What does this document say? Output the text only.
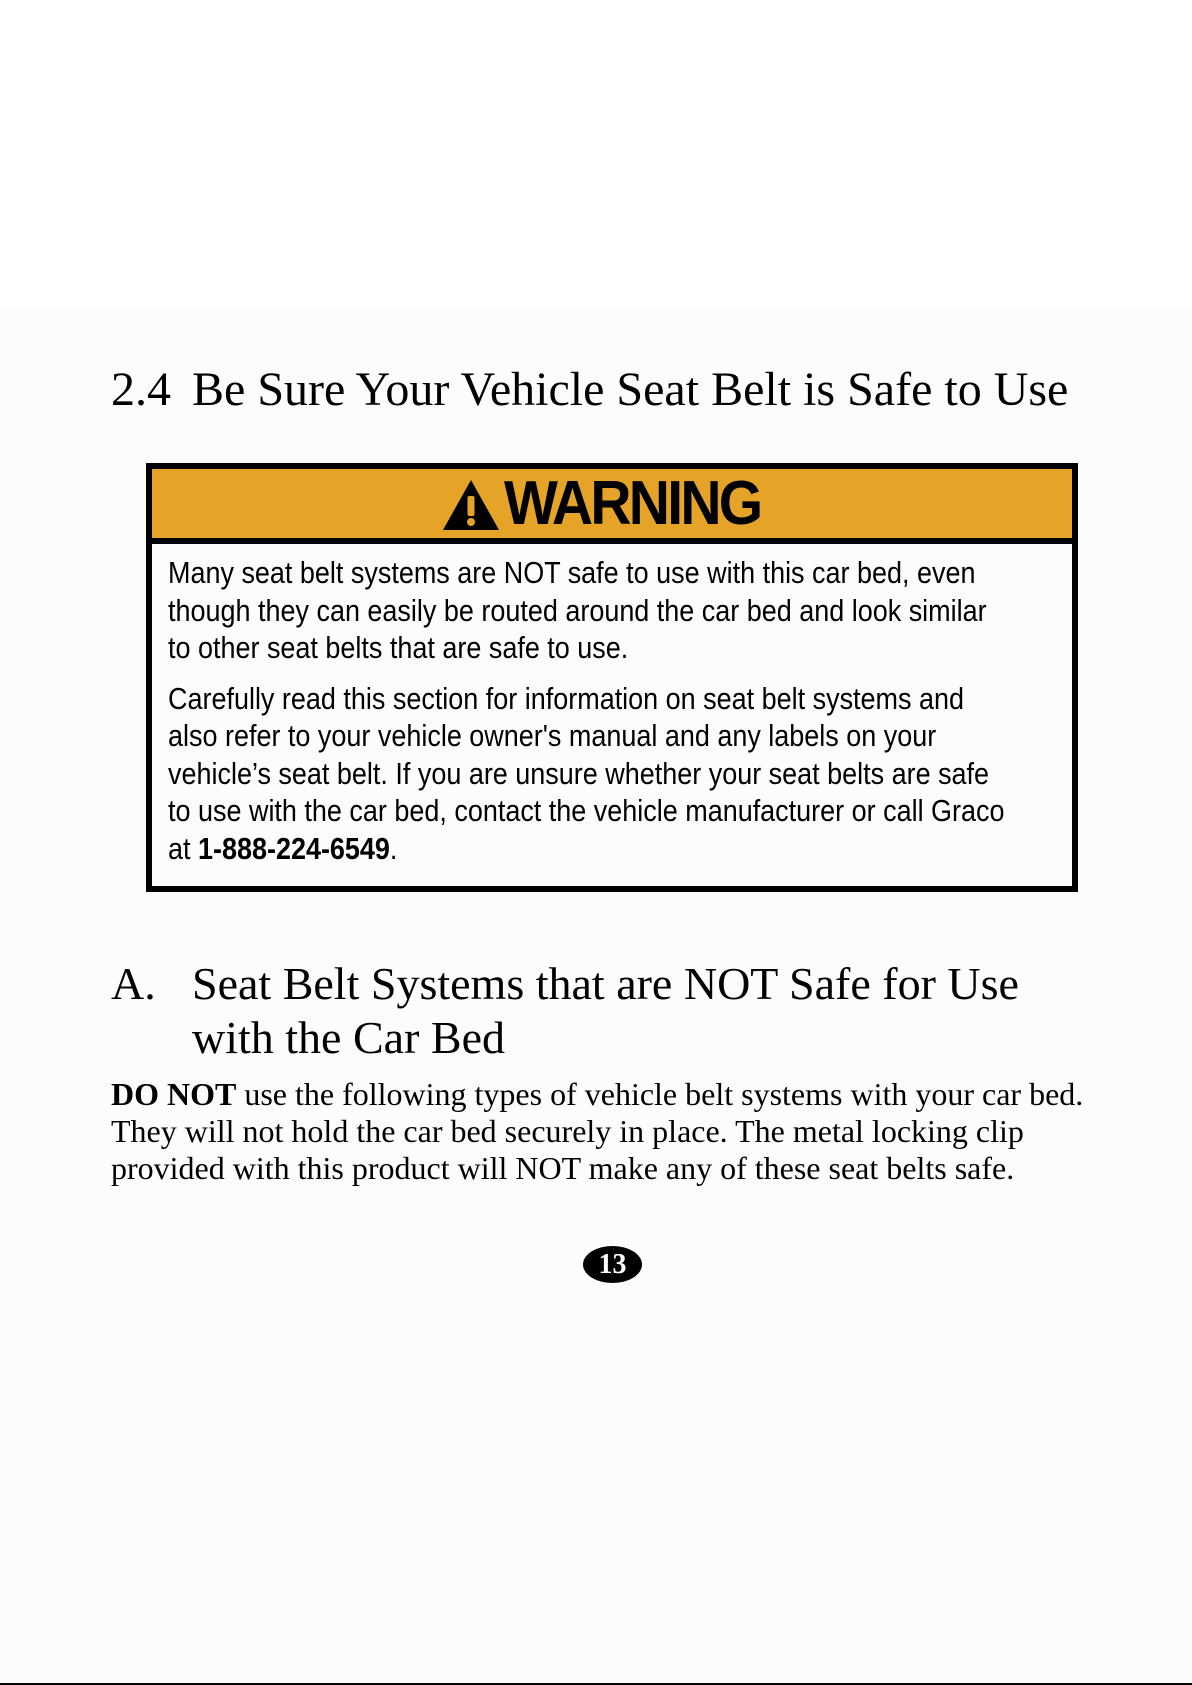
2.4 Be Sure Your Vehicle Seat Belt is Safe to Use
WARNING

Many seat belt systems are NOT safe to use with this car bed, even

though they can easily be routed around the car bed and look similar

to other seat belts that are safe to use.

Carefully read this section for information on seat belt systems and

also refer to your vehicle owner's manual and any labels on your

vehicle’s seat belt. If you are unsure whether your seat belts are safe

to use with the car bed, contact the vehicle manufacturer or call Graco

at 1-888-224-6549.

A. Seat Belt Systems that are NOT Safe for Use
with the Car Bed

DO NOT use the following types of vehicle belt systems with your car bed.
They will not hold the car bed securely in place. The metal locking clip
provided with this product will NOT make any of these seat belts safe.

13
